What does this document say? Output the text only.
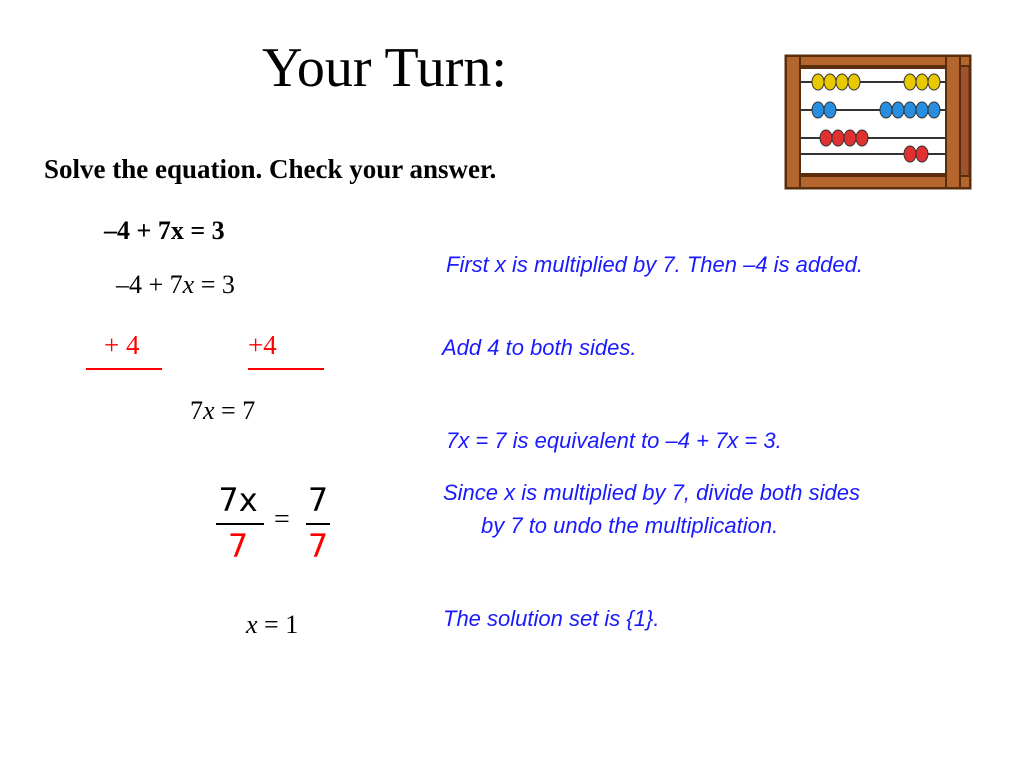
Your Turn:
Solve the equation. Check your answer.
–4 + 7x = 3
–4 + 7x = 3
+ 4	+4
7x = 7
7x
7
=
7
7
x = 1
First x is multiplied by 7. Then –4 is added.
Add 4 to both sides.
7x = 7 is equivalent to –4 + 7x = 3.
Since x is multiplied by 7, divide both sides
by 7 to undo the multiplication.
The solution set is {1}.
